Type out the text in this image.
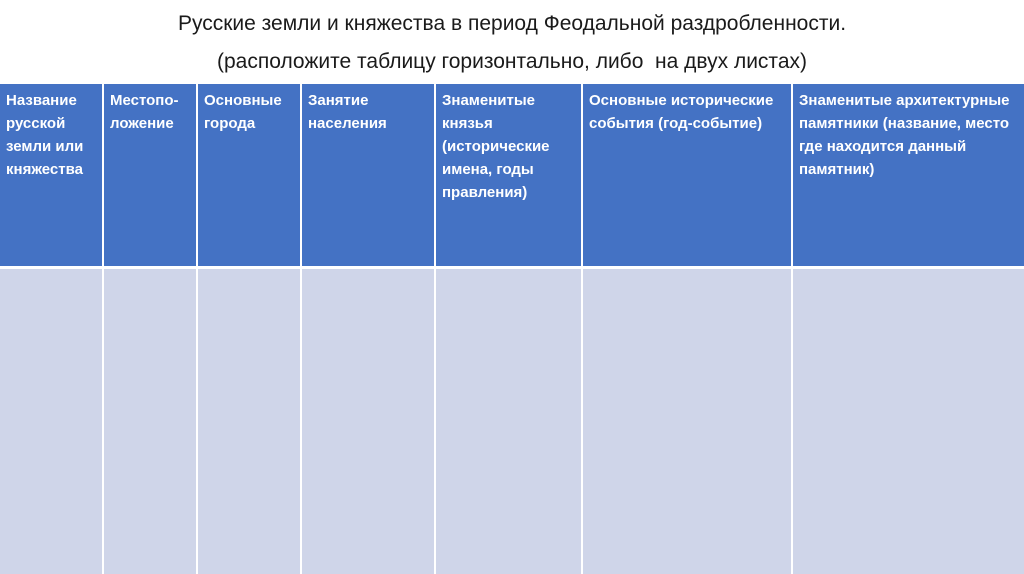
Русские земли и княжества в период Феодальной раздробленности.
(расположите таблицу горизонтально, либо  на двух листах)
Название русской земли или княжества	Местопо-ложение	Основные города	Занятие населения	Знаменитые князья (исторические имена, годы правления)	Основные исторические события (год-событие)	Знаменитые архитектурные памятники (название, место где находится данный памятник)
